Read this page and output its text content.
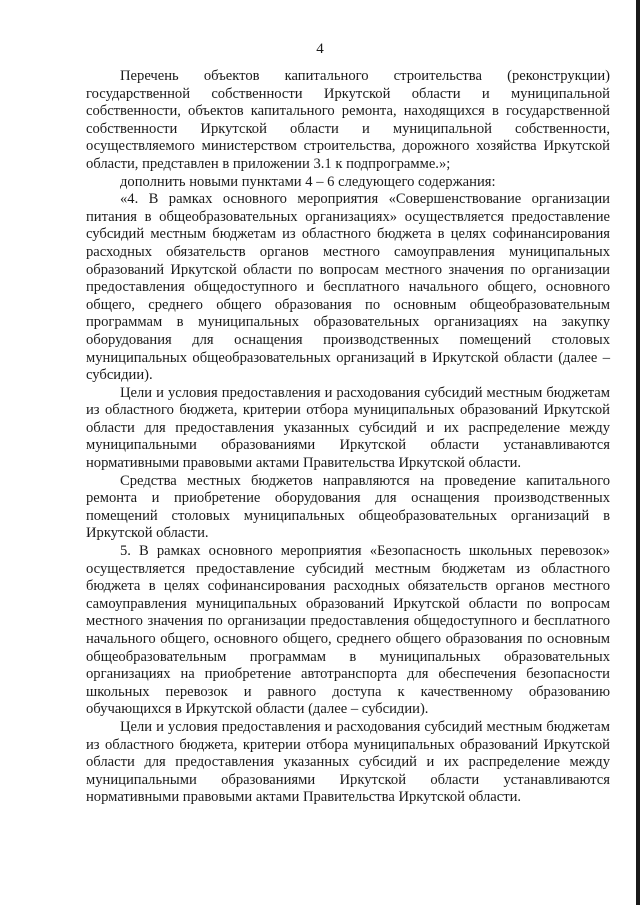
4

Перечень объектов капитального строительства (реконструкции) государственной собственности Иркутской области и муниципальной собственности, объектов капитального ремонта, находящихся в государственной собственности Иркутской области и муниципальной собственности, осуществляемого министерством строительства, дорожного хозяйства Иркутской области, представлен в приложении 3.1 к подпрограмме.»;

дополнить новыми пунктами 4 – 6 следующего содержания:

«4. В рамках основного мероприятия «Совершенствование организации питания в общеобразовательных организациях» осуществляется предоставление субсидий местным бюджетам из областного бюджета в целях софинансирования расходных обязательств органов местного самоуправления муниципальных образований Иркутской области по вопросам местного значения по организации предоставления общедоступного и бесплатного начального общего, основного общего, среднего общего образования по основным общеобразовательным программам в муниципальных образовательных организациях на закупку оборудования для оснащения производственных помещений столовых муниципальных общеобразовательных организаций в Иркутской области (далее – субсидии).

Цели и условия предоставления и расходования субсидий местным бюджетам из областного бюджета, критерии отбора муниципальных образований Иркутской области для предоставления указанных субсидий и их распределение между муниципальными образованиями Иркутской области устанавливаются нормативными правовыми актами Правительства Иркутской области.

Средства местных бюджетов направляются на проведение капитального ремонта и приобретение оборудования для оснащения производственных помещений столовых муниципальных общеобразовательных организаций в Иркутской области.

5. В рамках основного мероприятия «Безопасность школьных перевозок» осуществляется предоставление субсидий местным бюджетам из областного бюджета в целях софинансирования расходных обязательств органов местного самоуправления муниципальных образований Иркутской области по вопросам местного значения по организации предоставления общедоступного и бесплатного начального общего, основного общего, среднего общего образования по основным общеобразовательным программам в муниципальных образовательных организациях на приобретение автотранспорта для обеспечения безопасности школьных перевозок и равного доступа к качественному образованию обучающихся в Иркутской области (далее – субсидии).

Цели и условия предоставления и расходования субсидий местным бюджетам из областного бюджета, критерии отбора муниципальных образований Иркутской области для предоставления указанных субсидий и их распределение между муниципальными образованиями Иркутской области устанавливаются нормативными правовыми актами Правительства Иркутской области.
